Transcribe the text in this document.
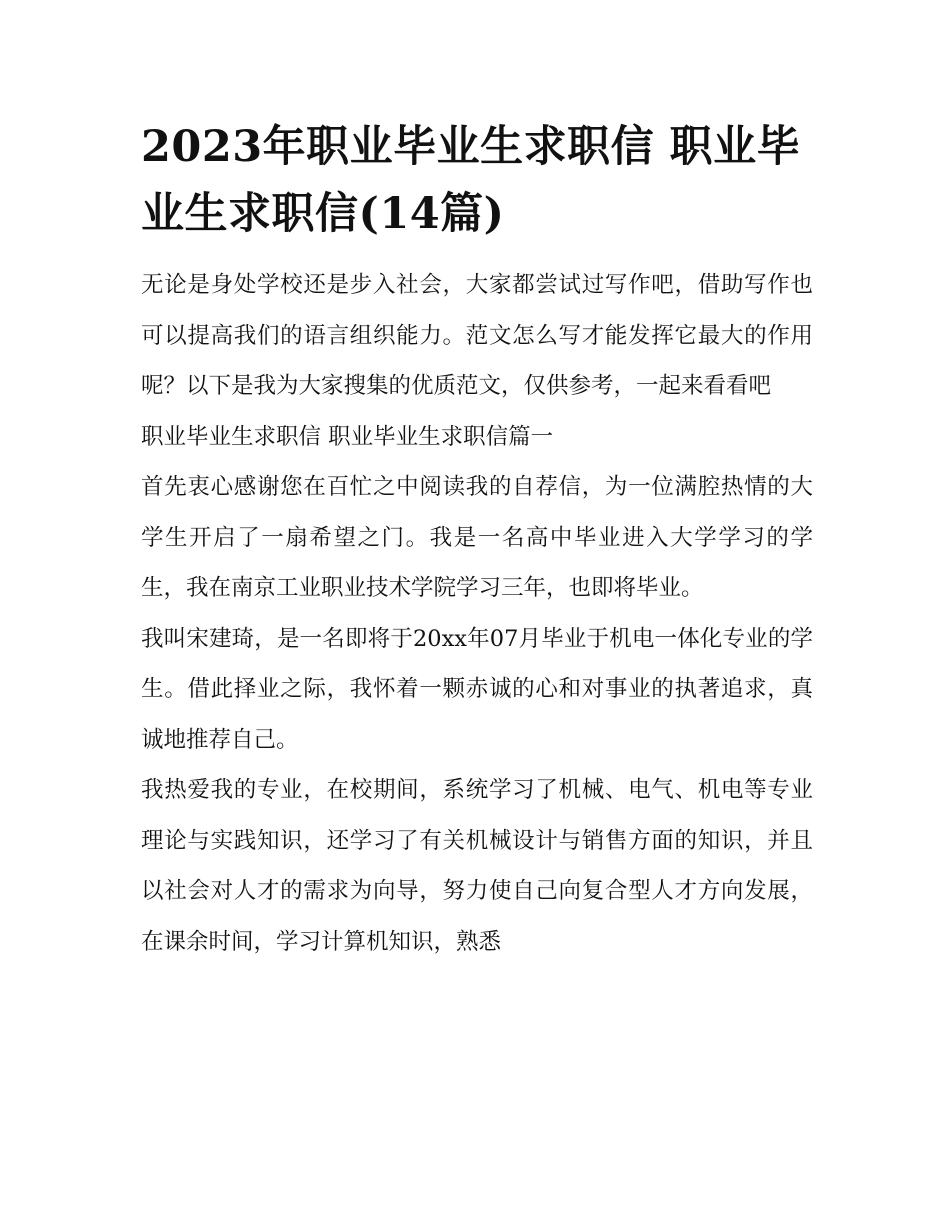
2023年职业毕业生求职信 职业毕业生求职信(14篇)

无论是身处学校还是步入社会，大家都尝试过写作吧，借助写作也可以提高我们的语言组织能力。范文怎么写才能发挥它最大的作用呢？以下是我为大家搜集的优质范文，仅供参考，一起来看看吧

职业毕业生求职信 职业毕业生求职信篇一

首先衷心感谢您在百忙之中阅读我的自荐信，为一位满腔热情的大学生开启了一扇希望之门。我是一名高中毕业进入大学学习的学生，我在南京工业职业技术学院学习三年，也即将毕业。

我叫宋建琦，是一名即将于20xx年07月毕业于机电一体化专业的学生。借此择业之际，我怀着一颗赤诚的心和对事业的执著追求，真诚地推荐自己。

我热爱我的专业，在校期间，系统学习了机械、电气、机电等专业理论与实践知识，还学习了有关机械设计与销售方面的知识，并且以社会对人才的需求为向导，努力使自己向复合型人才方向发展，在课余时间，学习计算机知识，熟悉
